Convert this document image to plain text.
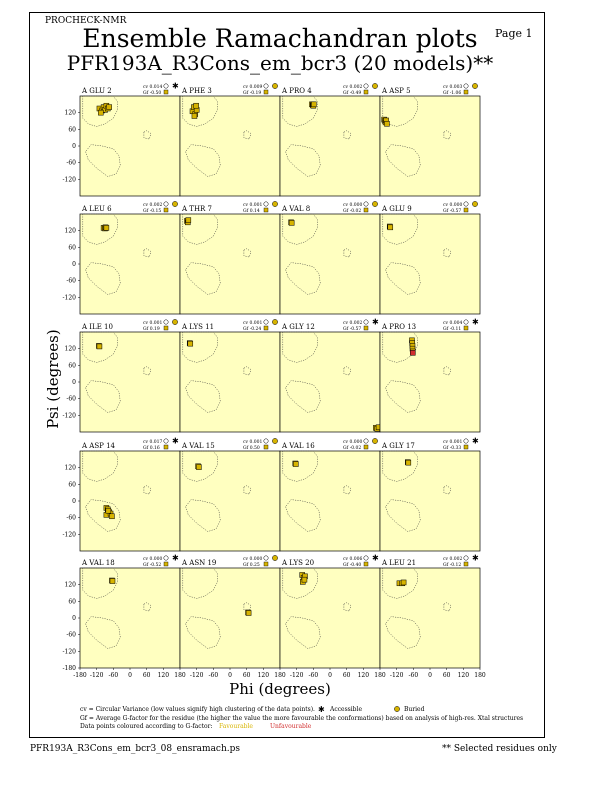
PROCHECK-NMR
Page 1
Ensemble Ramachandran plots
PFR193A_R3Cons_em_bcr3 (20 models)**
A GLU 2	cv 0.014
Gf -0.50
✱
120
60
0
-60
-120
A PHE 3	cv 0.009
Gf -0.19	A PRO 4	cv 0.002
Gf -0.49	A ASP 5	cv 0.003
Gf -1.06
A LEU 6	cv 0.002
Gf -0.15
120
60
0
-60
-120
A THR 7	cv 0.001
Gf 0.14	A VAL 8	cv 0.000
Gf -0.02	A GLU 9	cv 0.000
Gf -0.57
A ILE 10	cv 0.001
Gf 0.19
120
60
0
-60
-120
A LYS 11	cv 0.001
Gf -0.24	A GLY 12	cv 0.002
Gf -0.57
✱
A PRO 13	cv 0.004
Gf -0.11
✱
A ASP 14	cv 0.017
Gf 0.16
✱
120
60
0
-60
-120
A VAL 15	cv 0.001
Gf 0.50	A VAL 16	cv 0.000
Gf -0.02	A GLY 17	cv 0.001
Gf -0.33
✱
A VAL 18	cv 0.000
Gf -0.52
✱
120
60
0
-60
-120
-180
A ASN 19	cv 0.000
Gf 0.25	A LYS 20	cv 0.006
Gf -0.40
✱
A LEU 21	cv 0.002
Gf -0.12
✱
-180 -120 -60 0 60 120 180 -120 -60 0 60 120 180 -120 -60 0 60 120 180 -120 -60 0 60 120 180
✱
Psi (degrees)
Phi (degrees)
cv = Circular Variance (low values signify high clustering of the data points).	Accessible	Buried
Gf = Average G-factor for the residue (the higher the value the more favourable the conformations) based on analysis of high-res. Xtal structures
Data points coloured according to G-factor: Favourable	Unfavourable
PFR193A_R3Cons_em_bcr3_08_ensramach.ps	** Selected residues only
